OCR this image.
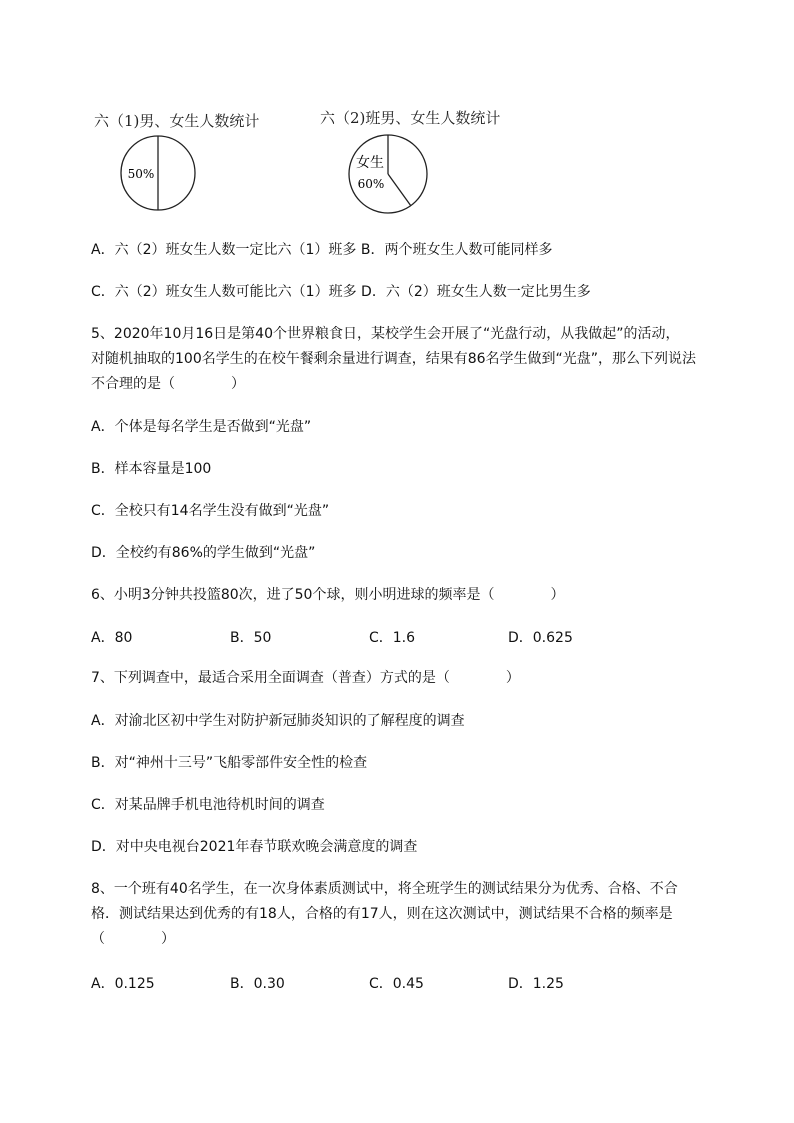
六（1)男、女生人数统计
50%
六（2)班男、女生人数统计
女生
60%
A．六（2）班女生人数一定比六（1）班多 B．两个班女生人数可能同样多
C．六（2）班女生人数可能比六（1）班多 D．六（2）班女生人数一定比男生多
5、2020年10月16日是第40个世界粮食日，某校学生会开展了“光盘行动，从我做起”的活动，
对随机抽取的100名学生的在校午餐剩余量进行调查，结果有86名学生做到“光盘”，那么下列说法
不合理的是（　　　　）
A．个体是每名学生是否做到“光盘”
B．样本容量是100
C．全校只有14名学生没有做到“光盘”
D．全校约有86%的学生做到“光盘”
6、小明3分钟共投篮80次，进了50个球，则小明进球的频率是（　　　　）
A．80	B．50	C．1.6	D．0.625
7、下列调查中，最适合采用全面调查（普查）方式的是（　　　　）
A．对渝北区初中学生对防护新冠肺炎知识的了解程度的调查
B．对“神州十三号”飞船零部件安全性的检查
C．对某品牌手机电池待机时间的调查
D．对中央电视台2021年春节联欢晚会满意度的调查
8、一个班有40名学生，在一次身体素质测试中，将全班学生的测试结果分为优秀、合格、不合
格．测试结果达到优秀的有18人，合格的有17人，则在这次测试中，测试结果不合格的频率是
（　　　　）
A．0.125	B．0.30	C．0.45	D．1.25
